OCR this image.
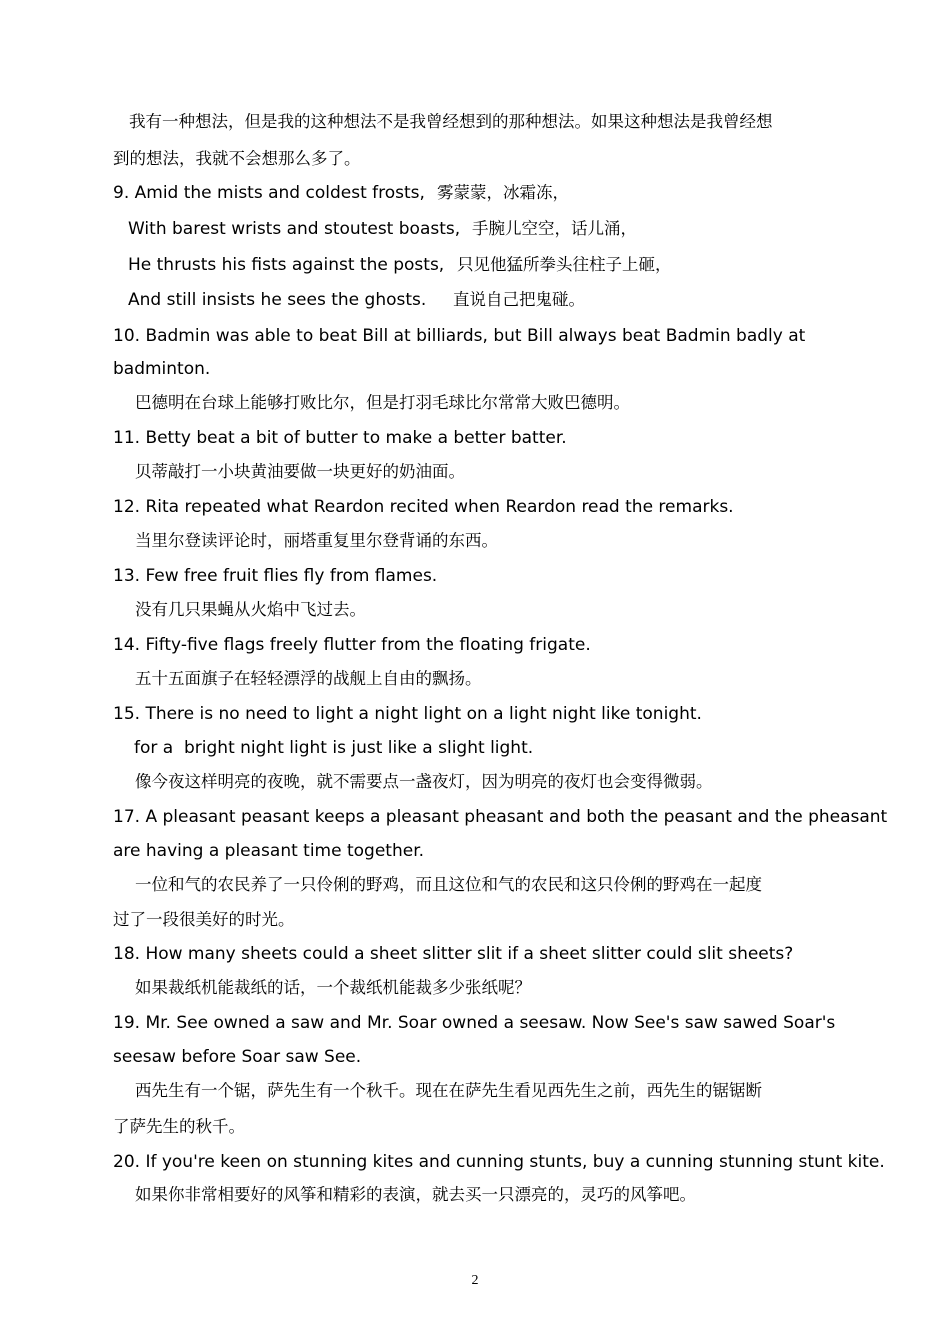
我有一种想法，但是我的这种想法不是我曾经想到的那种想法。如果这种想法是我曾经想
到的想法，我就不会想那么多了。
9. Amid the mists and coldest frosts, 雾蒙蒙，冰霜冻，
With barest wrists and stoutest boasts, 手腕儿空空，话儿涌，
He thrusts his fists against the posts, 只见他猛所拳头往柱子上砸，
And still insists he sees the ghosts. 直说自己把鬼碰。
10. Badmin was able to beat Bill at billiards, but Bill always beat Badmin badly at
badminton.
巴德明在台球上能够打败比尔，但是打羽毛球比尔常常大败巴德明。
11. Betty beat a bit of butter to make a better batter.
贝蒂敲打一小块黄油要做一块更好的奶油面。
12. Rita repeated what Reardon recited when Reardon read the remarks.
当里尔登读评论时，丽塔重复里尔登背诵的东西。
13. Few free fruit flies fly from flames.
没有几只果蝇从火焰中飞过去。
14. Fifty-five flags freely flutter from the floating frigate.
五十五面旗子在轻轻漂浮的战舰上自由的飘扬。
15. There is no need to light a night light on a light night like tonight.
for a  bright night light is just like a slight light.
像今夜这样明亮的夜晚，就不需要点一盏夜灯，因为明亮的夜灯也会变得微弱。
17. A pleasant peasant keeps a pleasant pheasant and both the peasant and the pheasant
are having a pleasant time together.
一位和气的农民养了一只伶俐的野鸡，而且这位和气的农民和这只伶俐的野鸡在一起度
过了一段很美好的时光。
18. How many sheets could a sheet slitter slit if a sheet slitter could slit sheets?
如果裁纸机能裁纸的话，一个裁纸机能裁多少张纸呢？
19. Mr. See owned a saw and Mr. Soar owned a seesaw. Now See's saw sawed Soar's
seesaw before Soar saw See.
西先生有一个锯，萨先生有一个秋千。现在在萨先生看见西先生之前，西先生的锯锯断
了萨先生的秋千。
20. If you're keen on stunning kites and cunning stunts, buy a cunning stunning stunt kite.
如果你非常相要好的风筝和精彩的表演，就去买一只漂亮的，灵巧的风筝吧。
2
